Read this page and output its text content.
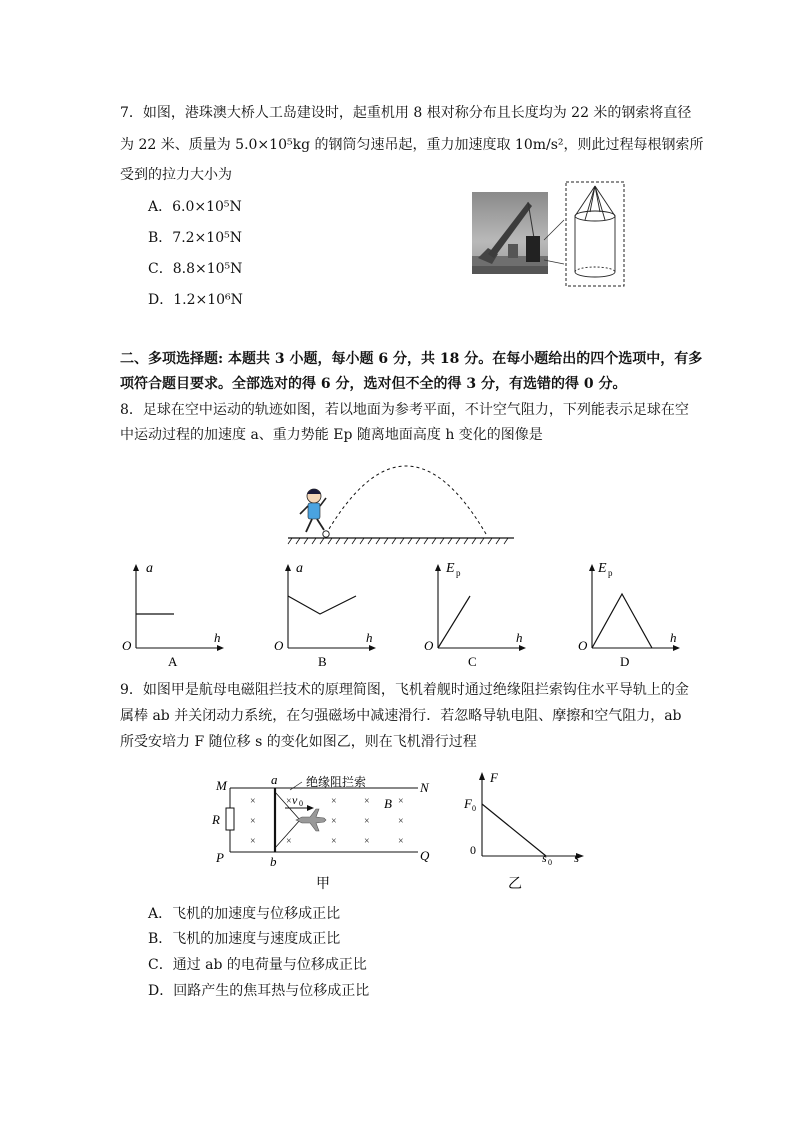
7．如图，港珠澳大桥人工岛建设时，起重机用 8 根对称分布且长度均为 22 米的钢索将直径
为 22 米、质量为 5.0×10⁵kg 的钢筒匀速吊起，重力加速度取 10m/s²，则此过程每根钢索所
受到的拉力大小为
A．6.0×10⁵N
B．7.2×10⁵N
C．8.8×10⁵N
D．1.2×10⁶N
二、多项选择题: 本题共 3 小题，每小题 6 分，共 18 分。在每小题给出的四个选项中，有多
项符合题目要求。全部选对的得 6 分，选对但不全的得 3 分，有选错的得 0 分。
8．足球在空中运动的轨迹如图，若以地面为参考平面，不计空气阻力，下列能表示足球在空
中运动过程的加速度 a、重力势能 Ep 随离地面高度 h 变化的图像是
a
O
h
A
a
O
h
B
E p
O
h
C
E p
O
h
D
9．如图甲是航母电磁阻拦技术的原理简图，飞机着舰时通过绝缘阻拦索钩住水平导轨上的金
属棒 ab 并关闭动力系统，在匀强磁场中减速滑行．若忽略导轨电阻、摩擦和空气阻力，ab
所受安培力 F 随位移 s 的变化如图乙，则在飞机滑行过程
×
×
×
×
×
×
×
×
×
×
×
×
×
×
M	N
P	Q
R
a
b
B
v 0
绝缘阻拦索
甲
F
F 0
0
s 0 s
乙
A．飞机的加速度与位移成正比
B．飞机的加速度与速度成正比
C．通过 ab 的电荷量与位移成正比
D．回路产生的焦耳热与位移成正比
